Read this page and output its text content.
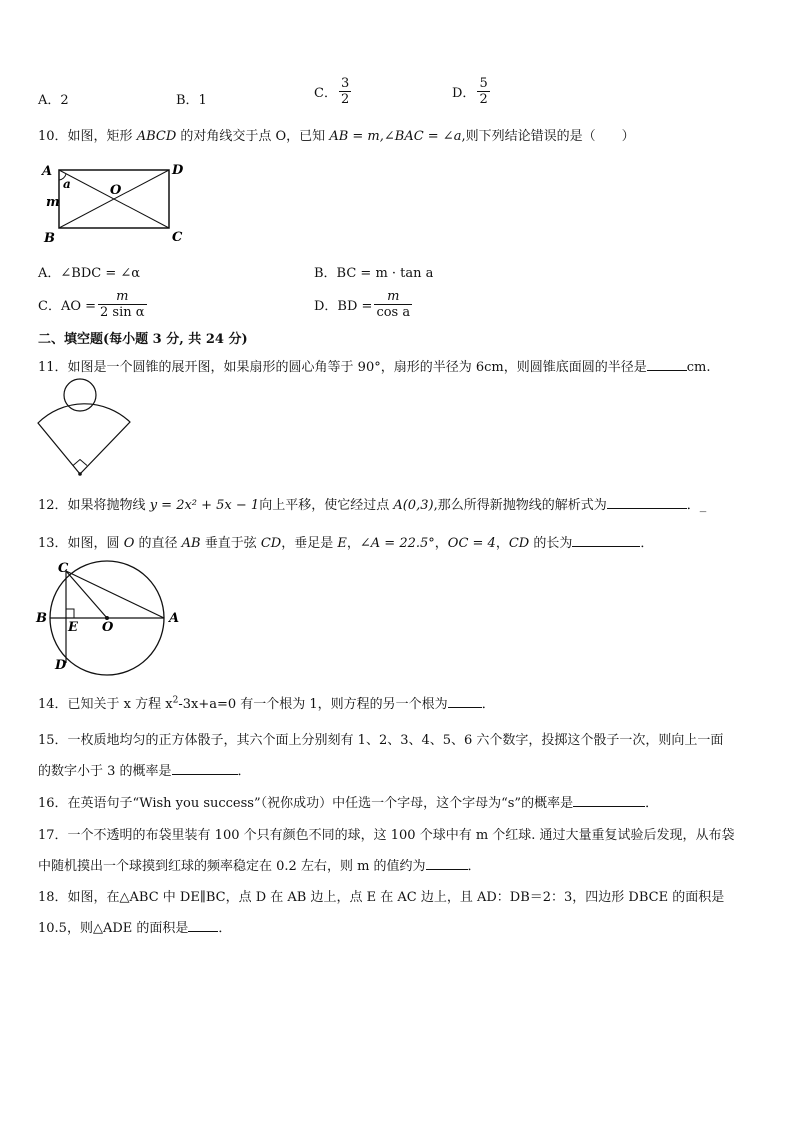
A．2	B．1	C． $\frac{3}{2}$	D． $\frac{5}{2}$
10．如图，矩形 ABCD 的对角线交于点 O，已知 AB = m,∠BAC = ∠a,则下列结论错误的是（　　）
A	D
B	C
O
m
a
A．∠BDC = ∠α	B．BC = m · tan a
C．AO = $\frac{m}{\text{2 sin α}}$	D．BD = $\frac{m}{\text{cos a}}$
二、填空题(每小题 3 分, 共 24 分)
11．如图是一个圆锥的展开图，如果扇形的圆心角等于 90°，扇形的半径为 6cm，则圆锥底面圆的半径是	cm.
12．如果将抛物线 y = 2x² + 5x − 1向上平移，使它经过点 A(0,3),那么所得新抛物线的解析式为	．_
13．如图，圆 O 的直径 AB 垂直于弦 CD，垂足是 E，∠A = 22.5°，OC = 4，CD 的长为	．
C
B
E O
A
D
14．已知关于 x 方程 $x^2-3x+a=0$ 有一个根为 1，则方程的另一个根为	．
15．一枚质地均匀的正方体骰子，其六个面上分别刻有 1、2、3、4、5、6 六个数字，投掷这个骰子一次，则向上一面
的数字小于 3 的概率是	．
16．在英语句子“Wish you success”（祝你成功）中任选一个字母，这个字母为“s”的概率是	．
17．一个不透明的布袋里装有 100 个只有颜色不同的球，这 100 个球中有 m 个红球. 通过大量重复试验后发现，从布袋
中随机摸出一个球摸到红球的频率稳定在 0.2 左右，则 m 的值约为	．
18．如图，在△ABC 中 DE∥BC，点 D 在 AB 边上，点 E 在 AC 边上，且 AD：DB＝2：3，四边形 DBCE 的面积是
10.5，则△ADE 的面积是 ．
